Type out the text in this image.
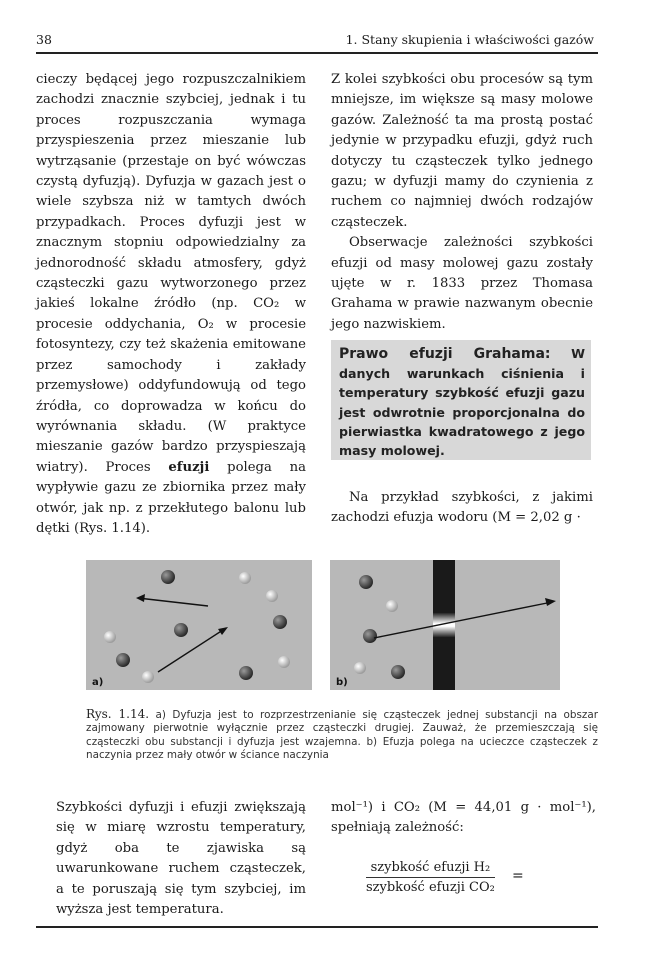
38	1. Stany skupienia i właściwości gazów

cieczy będącej jego rozpuszczalnikiem zachodzi znacznie szybciej, jednak i tu proces rozpuszczania wymaga przyspieszenia przez mieszanie lub wytrząsanie (przestaje on być wówczas czystą dyfuzją). Dyfuzja w gazach jest o wiele szybsza niż w tamtych dwóch przypadkach. Proces dyfuzji jest w znacznym stopniu odpowiedzialny za jednorodność składu atmosfery, gdyż cząsteczki gazu wytworzonego przez jakieś lokalne źródło (np. CO₂ w procesie oddychania, O₂ w procesie fotosyntezy, czy też skażenia emitowane przez samochody i zakłady przemysłowe) oddyfundowują od tego źródła, co doprowadza w końcu do wyrównania składu. (W praktyce mieszanie gazów bardzo przyspieszają wiatry). Proces efuzji polega na wypływie gazu ze zbiornika przez mały otwór, jak np. z przekłutego balonu lub dętki (Rys. 1.14).

Z kolei szybkości obu procesów są tym mniejsze, im większe są masy molowe gazów. Zależność ta ma prostą postać jedynie w przypadku efuzji, gdyż ruch dotyczy tu cząsteczek tylko jednego gazu; w dyfuzji mamy do czynienia z ruchem co najmniej dwóch rodzajów cząsteczek.

Obserwacje zależności szybkości efuzji od masy molowej gazu zostały ujęte w r. 1833 przez Thomasa Grahama w prawie nazwanym obecnie jego nazwiskiem.

Prawo efuzji Grahama: W danych warunkach ciśnienia i temperatury szybkość efuzji gazu jest odwrotnie proporcjonalna do pierwiastka kwadratowego z jego masy molowej.

Na przykład szybkości, z jakimi zachodzi efuzja wodoru (M = 2,02 g ·

a)	b)
Rys. 1.14. a) Dyfuzja jest to rozprzestrzenianie się cząsteczek jednej substancji na obszar zajmowany pierwotnie wyłącznie przez cząsteczki drugiej. Zauważ, że przemieszczają się cząsteczki obu substancji i dyfuzja jest wzajemna. b) Efuzja polega na ucieczce cząsteczek z naczynia przez mały otwór w ściance naczynia

Szybkości dyfuzji i efuzji zwiększają się w miarę wzrostu temperatury, gdyż oba te zjawiska są uwarunkowane ruchem cząsteczek, a te poruszają się tym szybciej, im wyższa jest temperatura.

mol⁻¹) i CO₂ (M = 44,01 g · mol⁻¹), spełniają zależność:

szybkość efuzji H₂
szybkość efuzji CO₂
=
